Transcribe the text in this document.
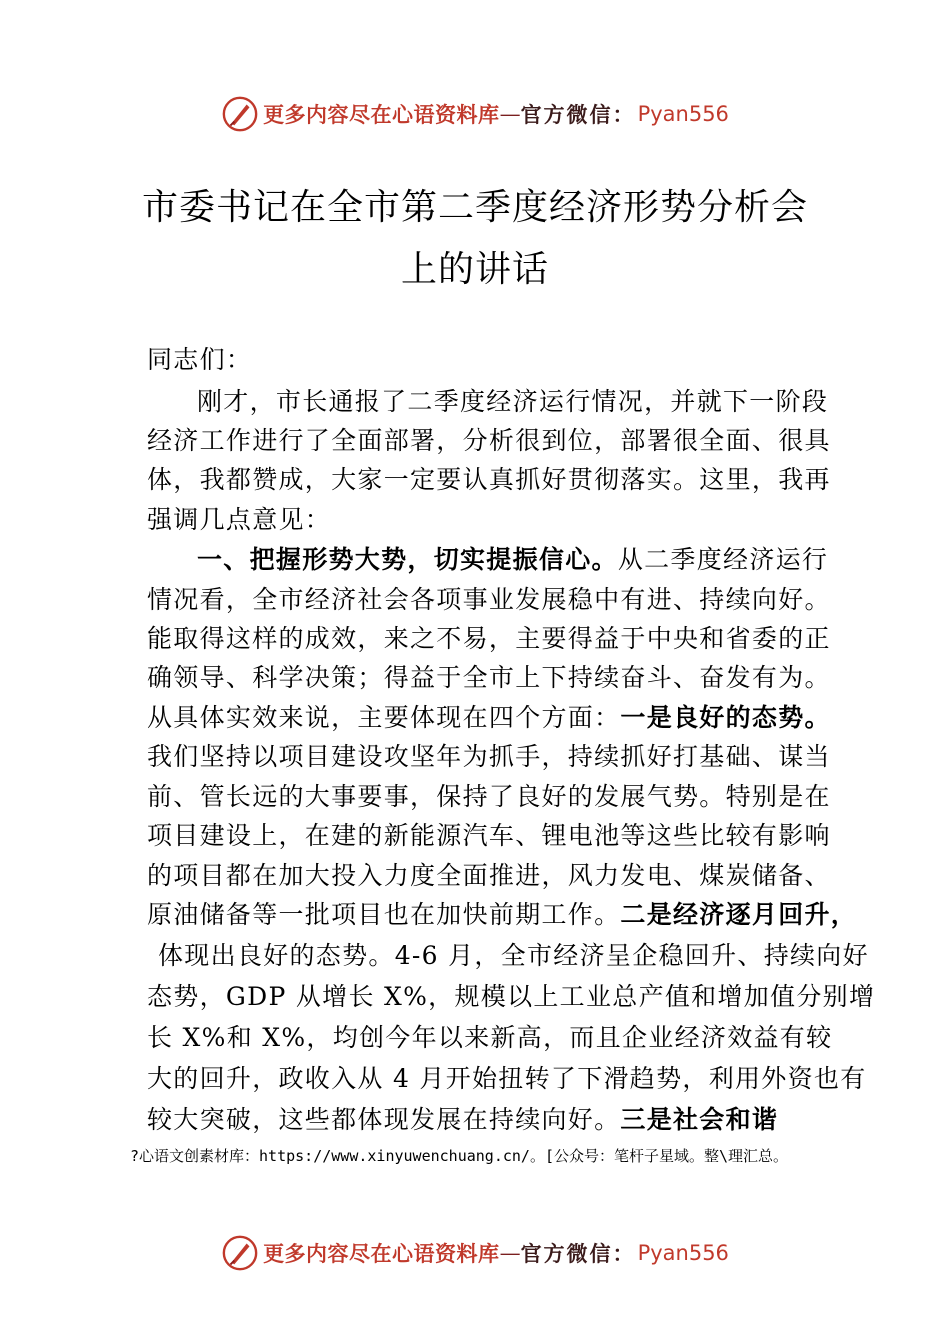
更多内容尽在心语资料库 — 官方微信： Pyan556
市委书记在全市第二季度经济形势分析会
上的讲话
同志们：
刚才，市长通报了二季度经济运行情况，并就下一阶段
经济工作进行了全面部署，分析很到位，部署很全面、很具
体，我都赞成，大家一定要认真抓好贯彻落实。这里，我再
强调几点意见：
一、把握形势大势，切实提振信心。从二季度经济运行
情况看，全市经济社会各项事业发展稳中有进、持续向好。
能取得这样的成效，来之不易，主要得益于中央和省委的正
确领导、科学决策；得益于全市上下持续奋斗、奋发有为。
从具体实效来说，主要体现在四个方面：一是良好的态势。
我们坚持以项目建设攻坚年为抓手，持续抓好打基础、谋当
前、管长远的大事要事，保持了良好的发展气势。特别是在
项目建设上，在建的新能源汽车、锂电池等这些比较有影响
的项目都在加大投入力度全面推进，风力发电、煤炭储备、
原油储备等一批项目也在加快前期工作。二是经济逐月回升，
体现出良好的态势。4-6 月，全市经济呈企稳回升、持续向好
态势，GDP 从增长 X%，规模以上工业总产值和增加值分别增
长 X%和 X%，均创今年以来新高，而且企业经济效益有较
大的回升，政收入从 4 月开始扭转了下滑趋势，利用外资也有
较大突破，这些都体现发展在持续向好。三是社会和谐
?心语文创素材库：https://www.xinyuwenchuang.cn/。[公众号：笔杆子星域。整\理汇总。
更多内容尽在心语资料库 — 官方微信： Pyan556
